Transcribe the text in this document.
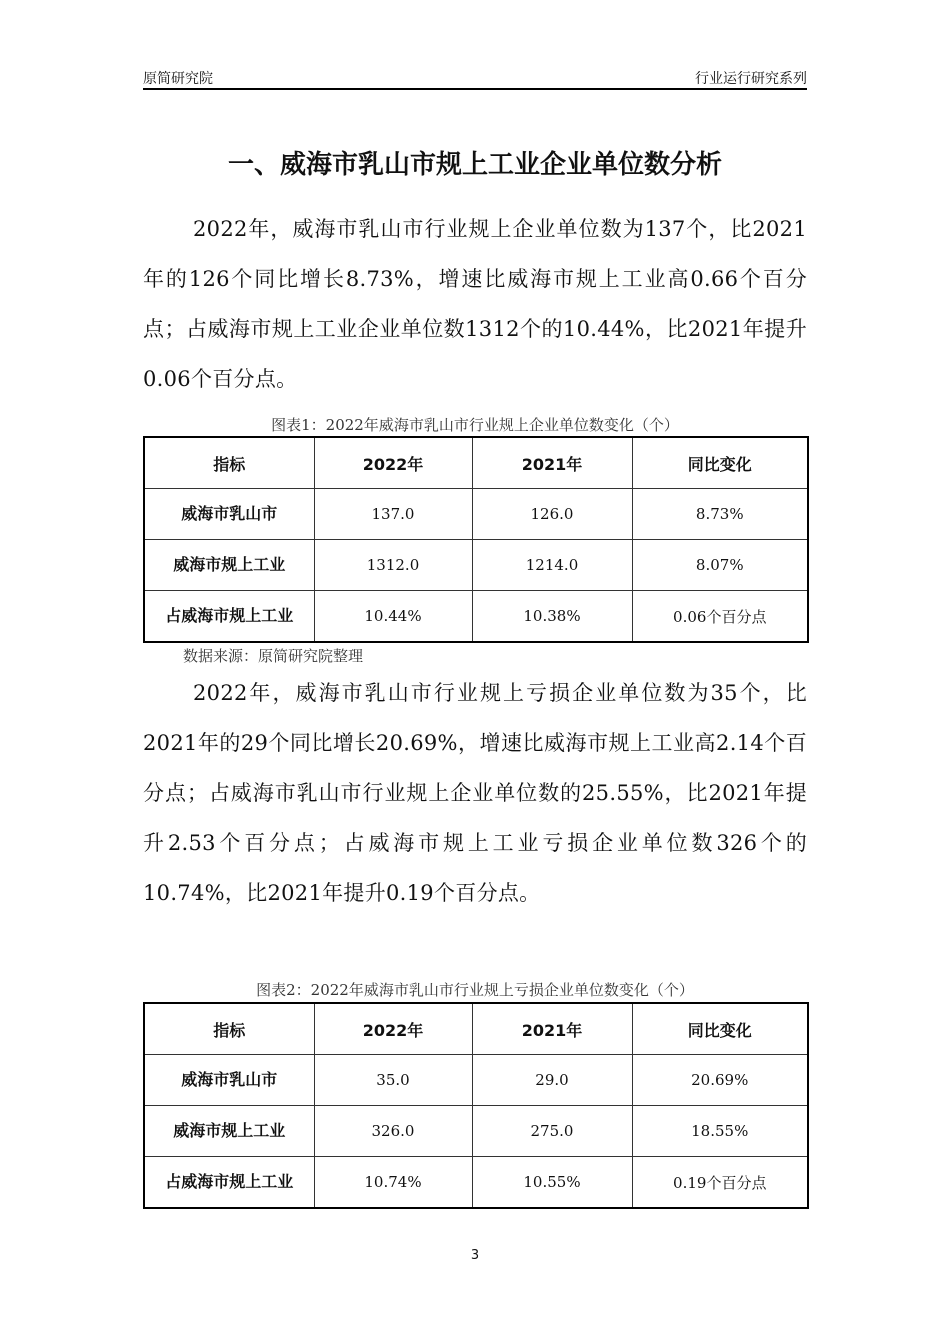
原简研究院	行业运行研究系列
一、威海市乳山市规上工业企业单位数分析

2022年，威海市乳山市行业规上企业单位数为137个，比2021年的126个同比增长8.73%，增速比威海市规上工业高0.66个百分点；占威海市规上工业企业单位数1312个的10.44%，比2021年提升0.06个百分点。

图表1：2022年威海市乳山市行业规上企业单位数变化（个）
指标	2022年	2021年	同比变化
威海市乳山市	137.0	126.0	8.73%
威海市规上工业	1312.0	1214.0	8.07%
占威海市规上工业	10.44%	10.38%	0.06个百分点
数据来源：原简研究院整理

2022年，威海市乳山市行业规上亏损企业单位数为35个，比2021年的29个同比增长20.69%，增速比威海市规上工业高2.14个百分点；占威海市乳山市行业规上企业单位数的25.55%，比2021年提升2.53个百分点；占威海市规上工业亏损企业单位数326个的10.74%，比2021年提升0.19个百分点。

图表2：2022年威海市乳山市行业规上亏损企业单位数变化（个）
指标	2022年	2021年	同比变化
威海市乳山市	35.0	29.0	20.69%
威海市规上工业	326.0	275.0	18.55%
占威海市规上工业	10.74%	10.55%	0.19个百分点
3
